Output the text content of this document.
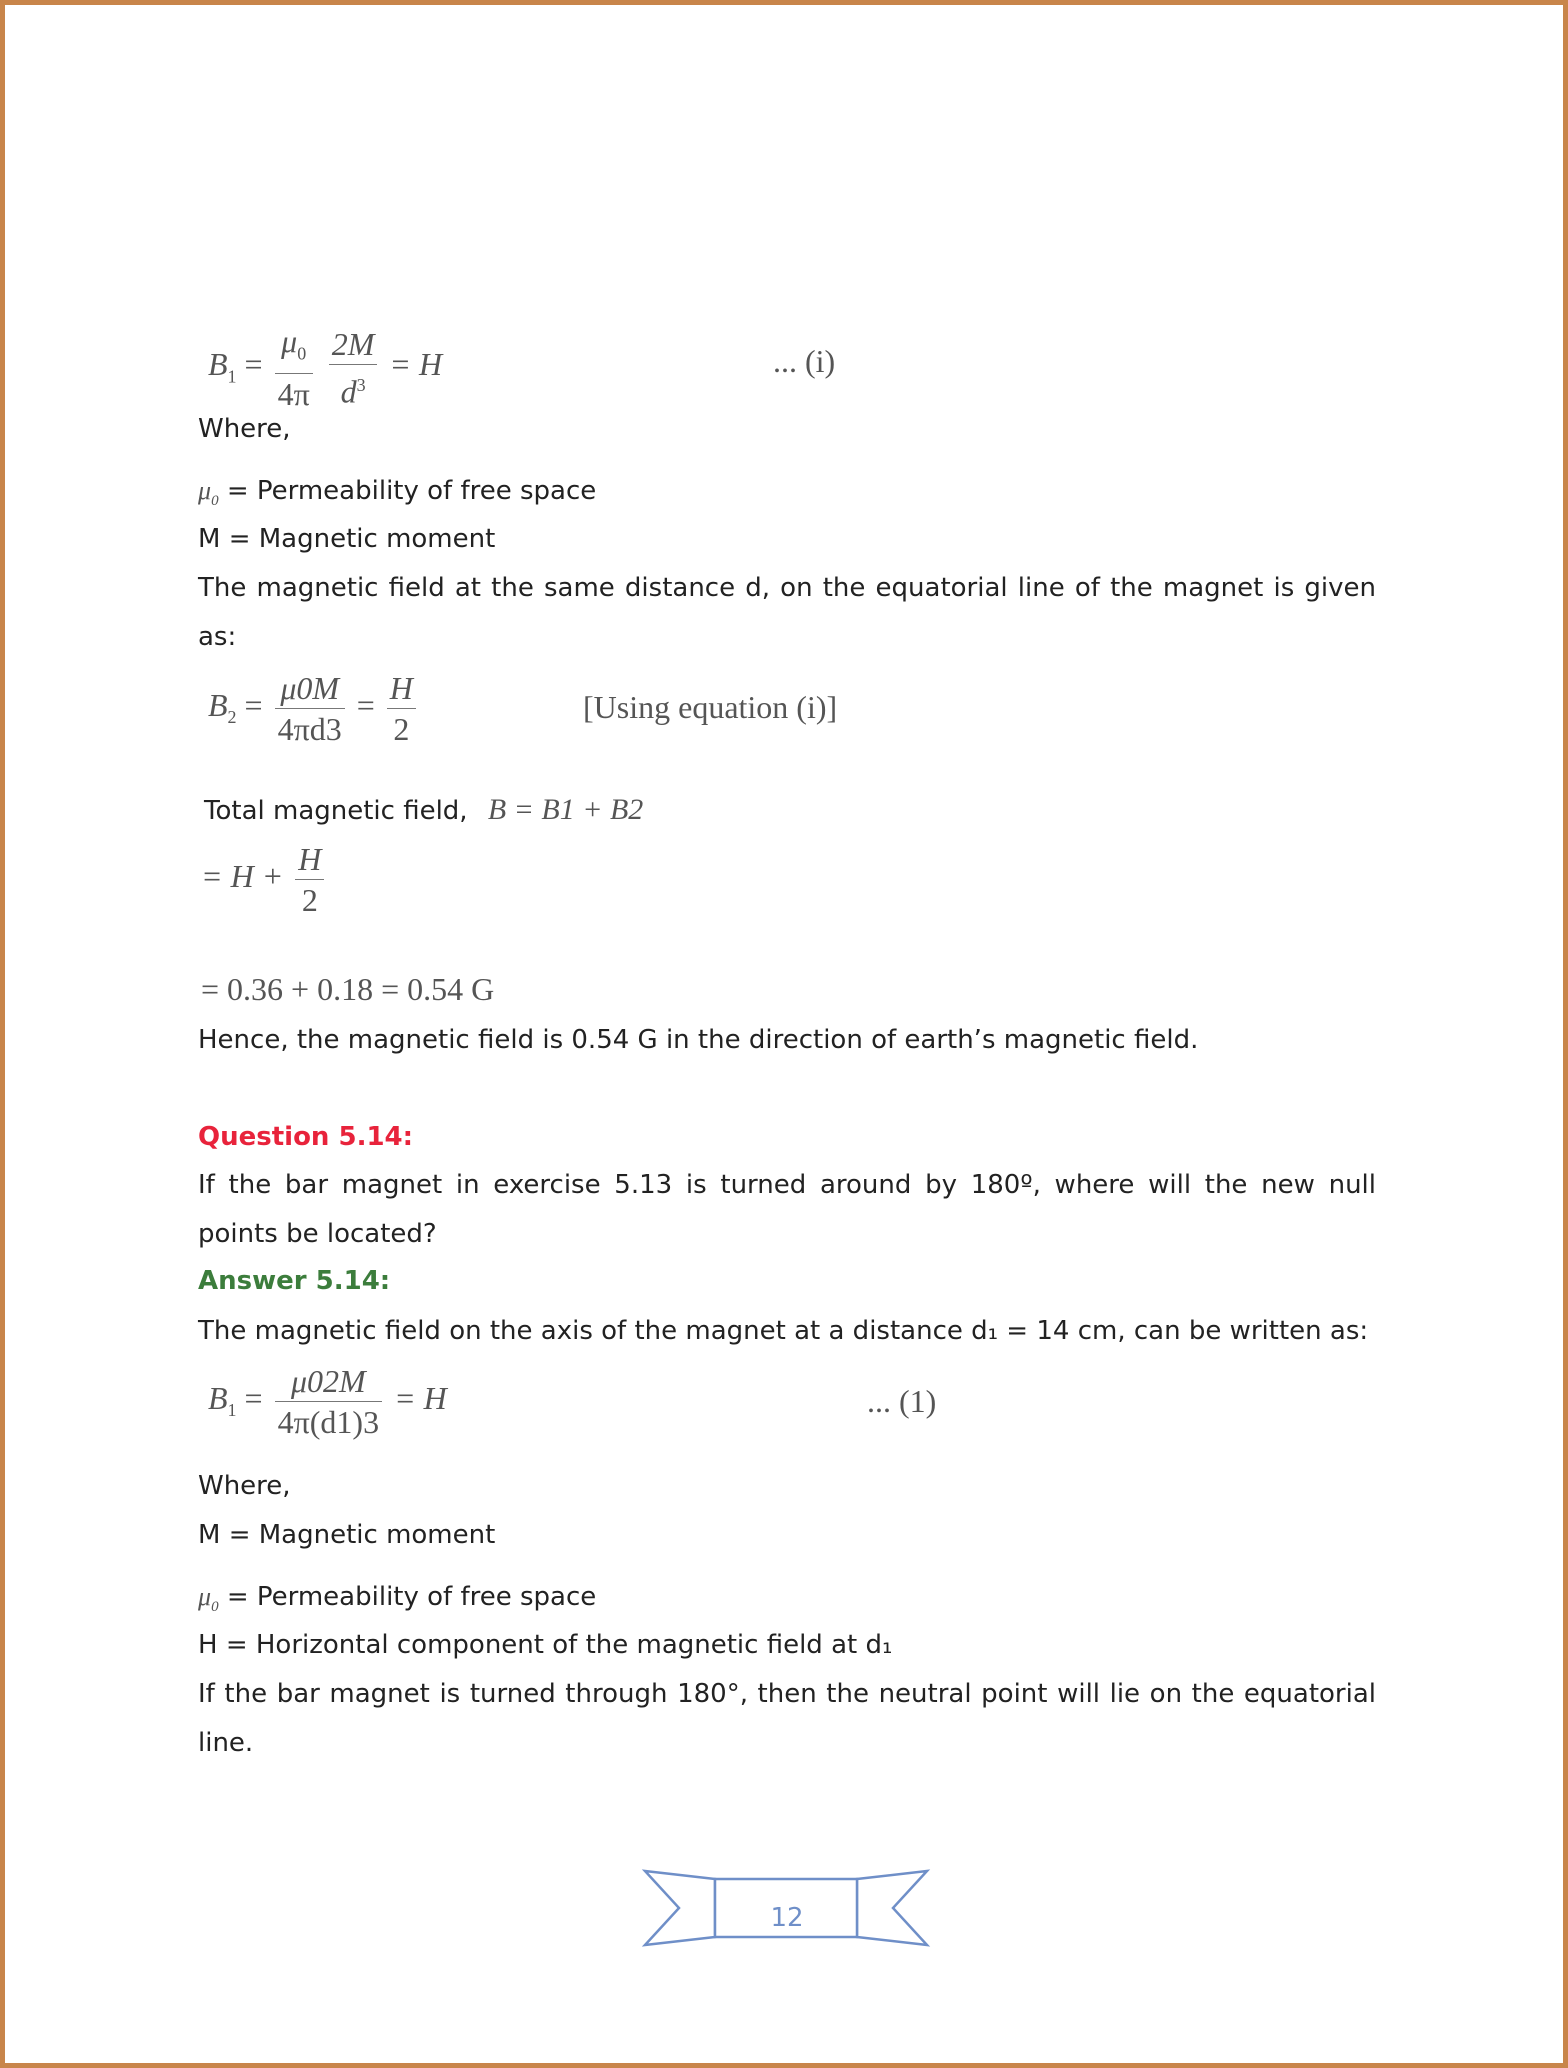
$B_1 = \frac{\mu_0}{4\pi}$
$\frac{2M}{d^3} = H$	... (i)
Where,
$\mu_0$ = Permeability of free space
M = Magnetic moment
The magnetic field at the same distance d, on the equatorial line of the magnet is given
as:
$B_2 = \frac{\mu 0M}{4\pi d3} = \frac{H}{2}$	[Using equation (i)]
Total magnetic field, B = B1 + B2
= $H + \frac{H}{2}$
= 0.36 + 0.18 = 0.54 G
Hence, the magnetic field is 0.54 G in the direction of earth’s magnetic field.
Question 5.14:
If the bar magnet in exercise 5.13 is turned around by 180º, where will the new null
points be located?
Answer 5.14:
The magnetic field on the axis of the magnet at a distance d₁ = 14 cm, can be written as:
$B_1 = \frac{\mu 02M}{4\pi(d1)3} = H$	... (1)
Where,
M = Magnetic moment
$\mu_0$ = Permeability of free space
H = Horizontal component of the magnetic field at d₁
If the bar magnet is turned through 180°, then the neutral point will lie on the equatorial
line.
12
